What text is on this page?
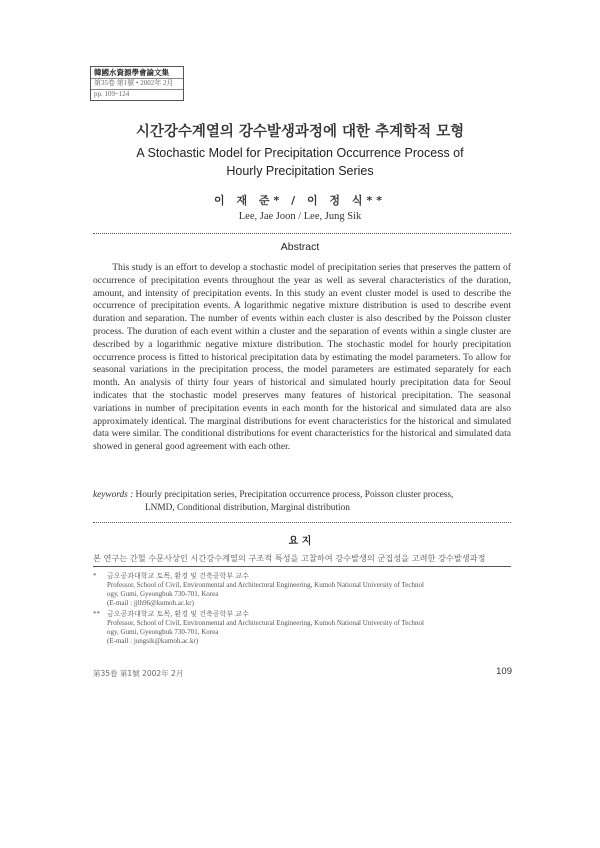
韓國水資源學會論文集
第35卷 第1號 • 2002年 2月
pp. 109~124
시간강수계열의 강수발생과정에 대한 추계학적 모형
A Stochastic Model for Precipitation Occurrence Process of
Hourly Precipitation Series
이 재 준* / 이 정 식**
Lee, Jae Joon / Lee, Jung Sik
Abstract

This study is an effort to develop a stochastic model of precipitation series that preserves the pattern of occurrence of precipitation events throughout the year as well as several characteristics of the duration, amount, and intensity of precipitation events. In this study an event cluster model is used to describe the occurrence of precipitation events. A logarithmic negative mixture distribution is used to describe event duration and separation. The number of events within each cluster is also described by the Poisson cluster process. The duration of each event within a cluster and the separation of events within a single cluster are described by a logarithmic negative mixture distribution. The stochastic model for hourly precipitation occurrence process is fitted to historical precipitation data by estimating the model parameters. To allow for seasonal variations in the precipitation process, the model parameters are estimated separately for each month. An analysis of thirty four years of historical and simulated hourly precipitation data for Seoul indicates that the stochastic model preserves many features of historical precipitation. The seasonal variations in number of precipitation events in each month for the historical and simulated data are also approximately identical. The marginal distributions for event characteristics for the historical and simulated data were similar. The conditional distributions for event characteristics for the historical and simulated data showed in general good agreement with each other.

keywords : Hourly precipitation series, Precipitation occurrence process, Poisson cluster process,
LNMD, Conditional distribution, Marginal distribution
요 지
본 연구는 간헐 수문사상인 시간강수계열의 구조적 특성을 고찰하여 강수발생의 군집성을 고려한 강수발생과정
* 금오공과대학교 토목, 환경 및 건축공학부 교수
Professor, School of Civil, Environmental and Architectural Engineering, Kumoh National University of Technol
ogy, Gumi, Gyeongbuk 730-701, Korea
(E-mail : jjlh96@kumoh.ac.kr)
** 금오공과대학교 토목, 환경 및 건축공학부 교수
Professor, School of Civil, Environmental and Architectural Engineering, Kumoh National University of Technol
ogy, Gumi, Gyeongbuk 730-701, Korea
(E-mail : jungsik@kumoh.ac.kr)
第35卷 第1號 2002年 2月	109
